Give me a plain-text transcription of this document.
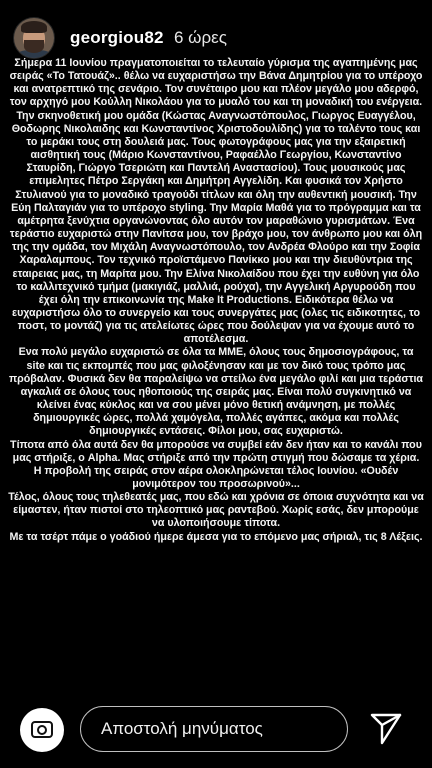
georgiou82 6 ώρες

Σήμερα 11 Ιουνίου πραγματοποιείται το τελευταίο γύρισμα της αγαπημένης μας σειράς «Το Τατουάζ».. θέλω να ευχαριστήσω την Βάνα Δημητρίου για το υπέροχο και ανατρεπτικό της σενάριο. Τον συνέταιρο μου και πλέον μεγάλο μου αδερφό, τον αρχηγό μου Κούλλη Νικολάου για το μυαλό του και τη μοναδική του ενέργεια. Την σκηνοθετική μου ομάδα (Κώστας Αναγνωστόπουλος, Γιωργος Ευαγγέλου, Θοδωρης Νικολαιδης και Κωνσταντίνος Χριστοδουλίδης) για το ταλέντο τους και το μεράκι τους στη δουλειά μας. Τους φωτογράφους μας για την εξαιρετική αισθητική τους (Μάριο Κωνσταντίνου, Ραφαέλλο Γεωργίου, Κωνσταντίνο Σταυρίδη, Γιώργο Τσεριώτη και Παντελή Αναστασίου). Τους μουσικούς μας επιμελητες Πέτρο Σεργάκη και Δημήτρη Αγγελίδη. Και φυσικά τον Χρήστο Στυλιανού για το μοναδικό τραγούδι τίτλων και όλη την αυθεντική μουσική. Την Εύη Παλταγιάν για το υπέροχο styling. Την Μαρία Μαθά για το πρόγραμμα και τα αμέτρητα ξενύχτια οργανώνοντας όλο αυτόν τον μαραθώνιο γυρισμάτων. Ένα τεράστιο ευχαριστώ στην Πανίτσα μου, τον βράχο μου, τον άνθρωπο μου και όλη της την ομάδα, τον Μιχάλη Αναγνωστόπουλο, τον Ανδρέα Φλούρο και την Σοφία Χαραλαμπους. Τον τεχνικό προϊστάμενο Πανίκκο μου και την διευθύντρια της εταιρειας μας, τη Μαρίτα μου. Την Ελίνα Νικολαίδου που έχει την ευθύνη για όλο το καλλιτεχνικό τμήμα (μακιγιάζ, μαλλιά, ρούχα), την Αγγελική Αργυρούδη που έχει όλη την επικοινωνία της Make It Productions. Ειδικότερα θέλω να ευχαριστήσω όλο το συνεργείο και τους συνεργάτες μας (ολες τις ειδικοτητες, το ποστ, το μοντάζ) για τις ατελείωτες ώρες που δούλεψαν για να έχουμε αυτό το αποτέλεσμα.

Ενα πολύ μεγάλο ευχαριστώ σε όλα τα ΜΜΕ, όλους τους δημοσιογράφους, τα site και τις εκπομπές που μας φιλοξένησαν και με τον δικό τους τρόπο μας πρόβαλαν. Φυσικά δεν θα παραλείψω να στείλω ένα μεγάλο φιλί και μια τεράστια αγκαλιά σε όλους τους ηθοποιούς της σειράς μας. Είναι πολύ συγκινητικό να κλείνει ένας κύκλος και να σου μένει μόνο θετική ανάμνηση, με πολλές δημιουργικές ώρες, πολλά χαμόγελα, πολλές αγάπες, ακόμα και πολλές δημιουργικές εντάσεις. Φίλοι μου, σας ευχαριστώ.

Τίποτα από όλα αυτά δεν θα μπορούσε να συμβεί εάν δεν ήταν και το κανάλι που μας στήριξε, ο Alpha. Μας στήριξε από την πρώτη στιγμή που δώσαμε τα χέρια.

Η προβολή της σειράς στον αέρα ολοκληρώνεται τέλος Ιουνίου. «Ουδέν μονιμότερον του προσωρινού»...

Τέλος, όλους τους τηλεθεατές μας, που εδώ και χρόνια σε όποια συχνότητα και να είμαστεν, ήταν πιστοί στο τηλεοπτικό μας ραντεβού. Χωρίς εσάς, δεν μπορούμε να υλοποιήσουμε τίποτα.

Με τα τσέρτ πάμε ο γοάδιού ήμερε άμεσα για το επόμενο μας σήριαλ, τις 8 Λέξεις.

Αποστολή μηνύματος
